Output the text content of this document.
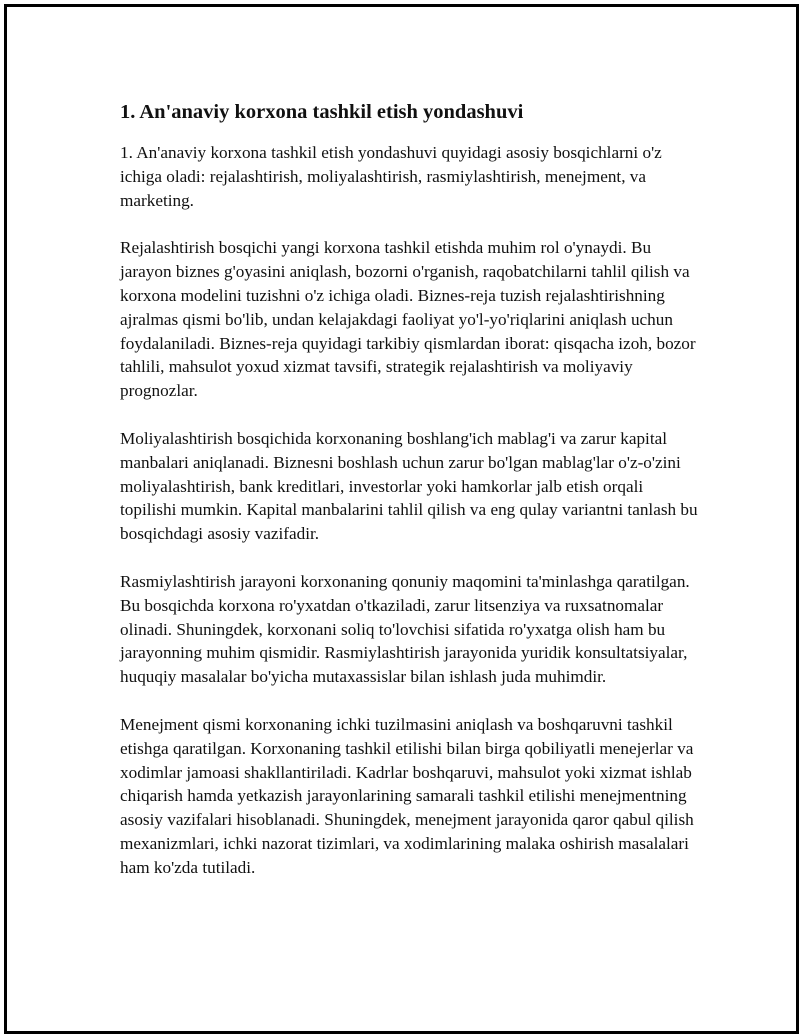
1. An'anaviy korxona tashkil etish yondashuvi

1. An'anaviy korxona tashkil etish yondashuvi quyidagi asosiy bosqichlarni o'z ichiga oladi: rejalashtirish, moliyalashtirish, rasmiylashtirish, menejment, va marketing.

Rejalashtirish bosqichi yangi korxona tashkil etishda muhim rol o'ynaydi. Bu jarayon biznes g'oyasini aniqlash, bozorni o'rganish, raqobatchilarni tahlil qilish va korxona modelini tuzishni o'z ichiga oladi. Biznes-reja tuzish rejalashtirishning ajralmas qismi bo'lib, undan kelajakdagi faoliyat yo'l-yo'riqlarini aniqlash uchun foydalaniladi. Biznes-reja quyidagi tarkibiy qismlardan iborat: qisqacha izoh, bozor tahlili, mahsulot yoxud xizmat tavsifi, strategik rejalashtirish va moliyaviy prognozlar.

Moliyalashtirish bosqichida korxonaning boshlang'ich mablag'i va zarur kapital manbalari aniqlanadi. Biznesni boshlash uchun zarur bo'lgan mablag'lar o'z-o'zini moliyalashtirish, bank kreditlari, investorlar yoki hamkorlar jalb etish orqali topilishi mumkin. Kapital manbalarini tahlil qilish va eng qulay variantni tanlash bu bosqichdagi asosiy vazifadir.

Rasmiylashtirish jarayoni korxonaning qonuniy maqomini ta'minlashga qaratilgan. Bu bosqichda korxona ro'yxatdan o'tkaziladi, zarur litsenziya va ruxsatnomalar olinadi. Shuningdek, korxonani soliq to'lovchisi sifatida ro'yxatga olish ham bu jarayonning muhim qismidir. Rasmiylashtirish jarayonida yuridik konsultatsiyalar, huquqiy masalalar bo'yicha mutaxassislar bilan ishlash juda muhimdir.

Menejment qismi korxonaning ichki tuzilmasini aniqlash va boshqaruvni tashkil etishga qaratilgan. Korxonaning tashkil etilishi bilan birga qobiliyatli menejerlar va xodimlar jamoasi shakllantiriladi. Kadrlar boshqaruvi, mahsulot yoki xizmat ishlab chiqarish hamda yetkazish jarayonlarining samarali tashkil etilishi menejmentning asosiy vazifalari hisoblanadi. Shuningdek, menejment jarayonida qaror qabul qilish mexanizmlari, ichki nazorat tizimlari, va xodimlarining malaka oshirish masalalari ham ko'zda tutiladi.
